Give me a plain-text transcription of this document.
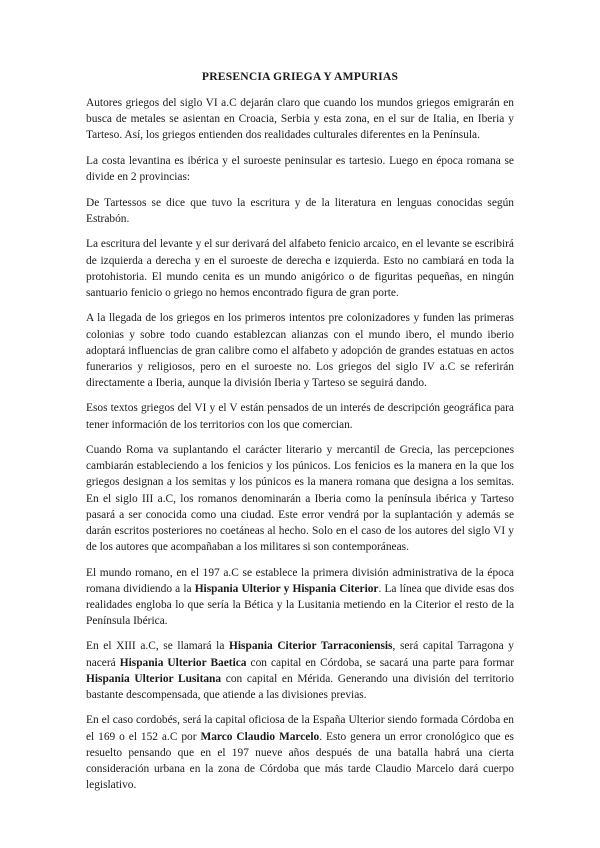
PRESENCIA GRIEGA Y AMPURIAS

Autores griegos del siglo VI a.C dejarán claro que cuando los mundos griegos emigrarán en busca de metales se asientan en Croacia, Serbia y esta zona, en el sur de Italia, en Iberia y Tarteso. Así, los griegos entienden dos realidades culturales diferentes en la Península.

La costa levantina es ibérica y el suroeste peninsular es tartesio. Luego en época romana se divide en 2 provincias:

De Tartessos se dice que tuvo la escritura y de la literatura en lenguas conocidas según Estrabón.

La escritura del levante y el sur derivará del alfabeto fenicio arcaico, en el levante se escribirá de izquierda a derecha y en el suroeste de derecha e izquierda. Esto no cambiará en toda la protohistoria. El mundo cenita es un mundo anigórico o de figuritas pequeñas, en ningún santuario fenicio o griego no hemos encontrado figura de gran porte.

A la llegada de los griegos en los primeros intentos pre colonizadores y funden las primeras colonias y sobre todo cuando establezcan alianzas con el mundo ibero, el mundo iberio adoptará influencias de gran calibre como el alfabeto y adopción de grandes estatuas en actos funerarios y religiosos, pero en el suroeste no. Los griegos del siglo IV a.C se referirán directamente a Iberia, aunque la división Iberia y Tarteso se seguirá dando.

Esos textos griegos del VI y el V están pensados de un interés de descripción geográfica para tener información de los territorios con los que comercian.

Cuando Roma va suplantando el carácter literario y mercantil de Grecia, las percepciones cambiarán estableciendo a los fenicios y los púnicos. Los fenicios es la manera en la que los griegos designan a los semitas y los púnicos es la manera romana que designa a los semitas. En el siglo III a.C, los romanos denominarán a Iberia como la península ibérica y Tarteso pasará a ser conocida como una ciudad. Este error vendrá por la suplantación y además se darán escritos posteriores no coetáneas al hecho. Solo en el caso de los autores del siglo VI y de los autores que acompañaban a los militares si son contemporáneas.

El mundo romano, en el 197 a.C se establece la primera división administrativa de la época romana dividiendo a la Hispania Ulterior y Hispania Citerior. La línea que divide esas dos realidades engloba lo que sería la Bética y la Lusitania metiendo en la Citerior el resto de la Península Ibérica.

En el XIII a.C, se llamará la Hispania Citerior Tarraconiensis, será capital Tarragona y nacerá Hispania Ulterior Baetica con capital en Córdoba, se sacará una parte para formar Hispania Ulterior Lusitana con capital en Mérida. Generando una división del territorio bastante descompensada, que atiende a las divisiones previas.

En el caso cordobés, será la capital oficiosa de la España Ulterior siendo formada Córdoba en el 169 o el 152 a.C por Marco Claudio Marcelo. Esto genera un error cronológico que es resuelto pensando que en el 197 nueve años después de una batalla habrá una cierta consideración urbana en la zona de Córdoba que más tarde Claudio Marcelo dará cuerpo legislativo.
